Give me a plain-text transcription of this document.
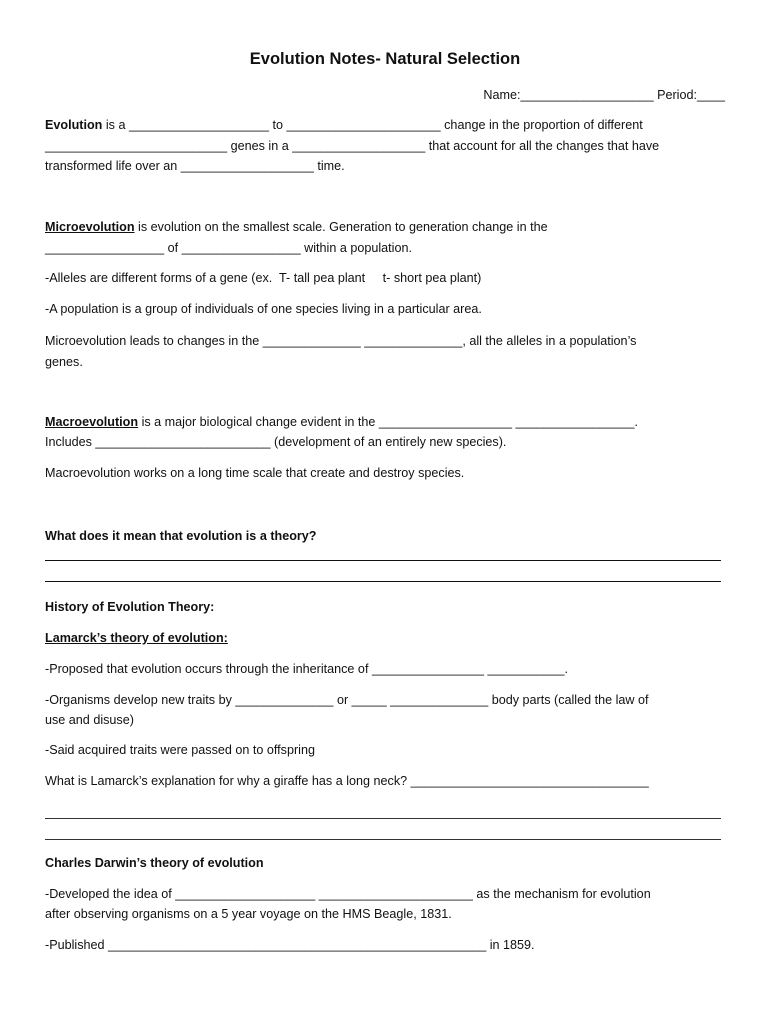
Evolution Notes- Natural Selection
Name:___________________ Period:____
Evolution is a ____________________ to ______________________ change in the proportion of different
__________________________ genes in a ___________________ that account for all the changes that have
transformed life over an ___________________ time.
Microevolution is evolution on the smallest scale. Generation to generation change in the
_________________ of _________________ within a population.
-Alleles are different forms of a gene (ex.  T- tall pea plant     t- short pea plant)
-A population is a group of individuals of one species living in a particular area.
Microevolution leads to changes in the ______________ ______________, all the alleles in a population’s
genes.
Macroevolution is a major biological change evident in the ___________________ _________________.
Includes _________________________ (development of an entirely new species).
Macroevolution works on a long time scale that create and destroy species.
What does it mean that evolution is a theory?
History of Evolution Theory:
Lamarck’s theory of evolution:
-Proposed that evolution occurs through the inheritance of ________________ ___________.
-Organisms develop new traits by ______________ or _____ ______________ body parts (called the law of
use and disuse)
-Said acquired traits were passed on to offspring
What is Lamarck’s explanation for why a giraffe has a long neck? __________________________________
Charles Darwin’s theory of evolution
-Developed the idea of ____________________ ______________________ as the mechanism for evolution
after observing organisms on a 5 year voyage on the HMS Beagle, 1831.
-Published ______________________________________________________ in 1859.
